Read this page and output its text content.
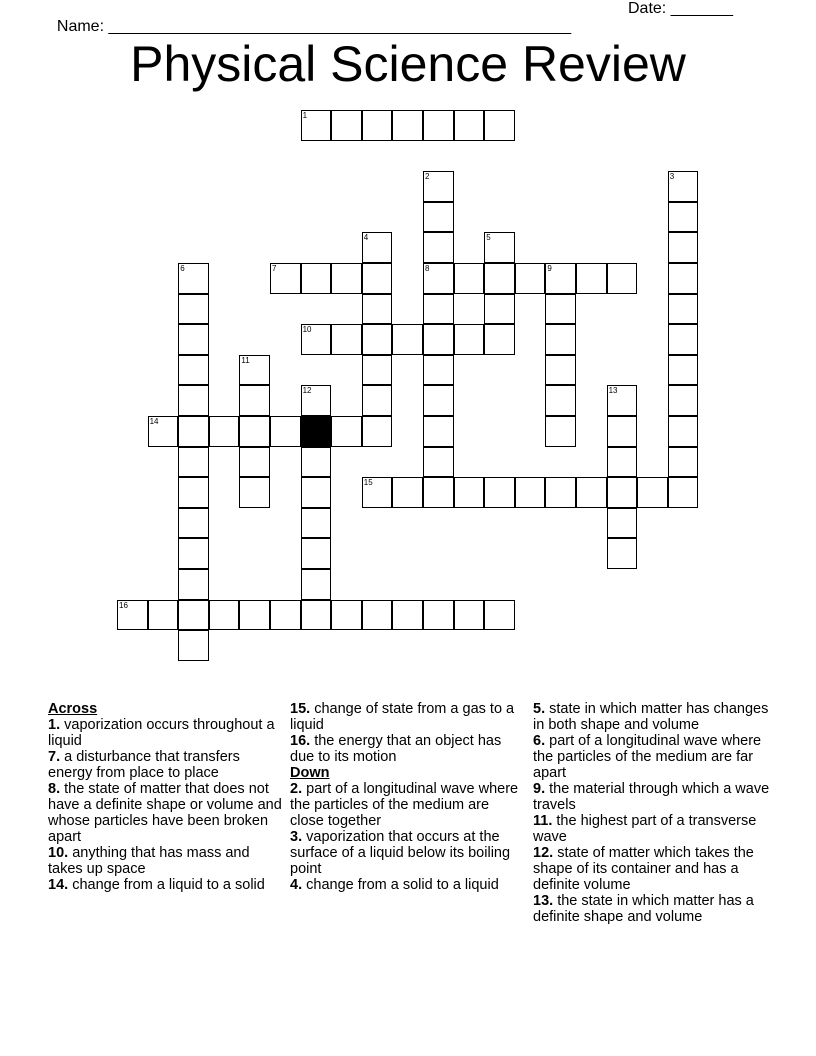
Name: ____________________________________________________

Date: _______

Physical Science Review
1
2
8
3
4	5
6	7	9
10
11
12	13
14
15
16

Across

1. vaporization occurs throughout a liquid

7. a disturbance that transfers energy from place to place

8. the state of matter that does not have a definite shape or volume and whose particles have been broken apart

10. anything that has mass and takes up space

14. change from a liquid to a solid

15. change of state from a gas to a liquid

16. the energy that an object has due to its motion

Down

2. part of a longitudinal wave where the particles of the medium are close together

3. vaporization that occurs at the surface of a liquid below its boiling point

4. change from a solid to a liquid

5. state in which matter has changes in both shape and volume

6. part of a longitudinal wave where the particles of the medium are far apart

9. the material through which a wave travels

11. the highest part of a transverse wave

12. state of matter which takes the shape of its container and has a definite volume

13. the state in which matter has a definite shape and volume
